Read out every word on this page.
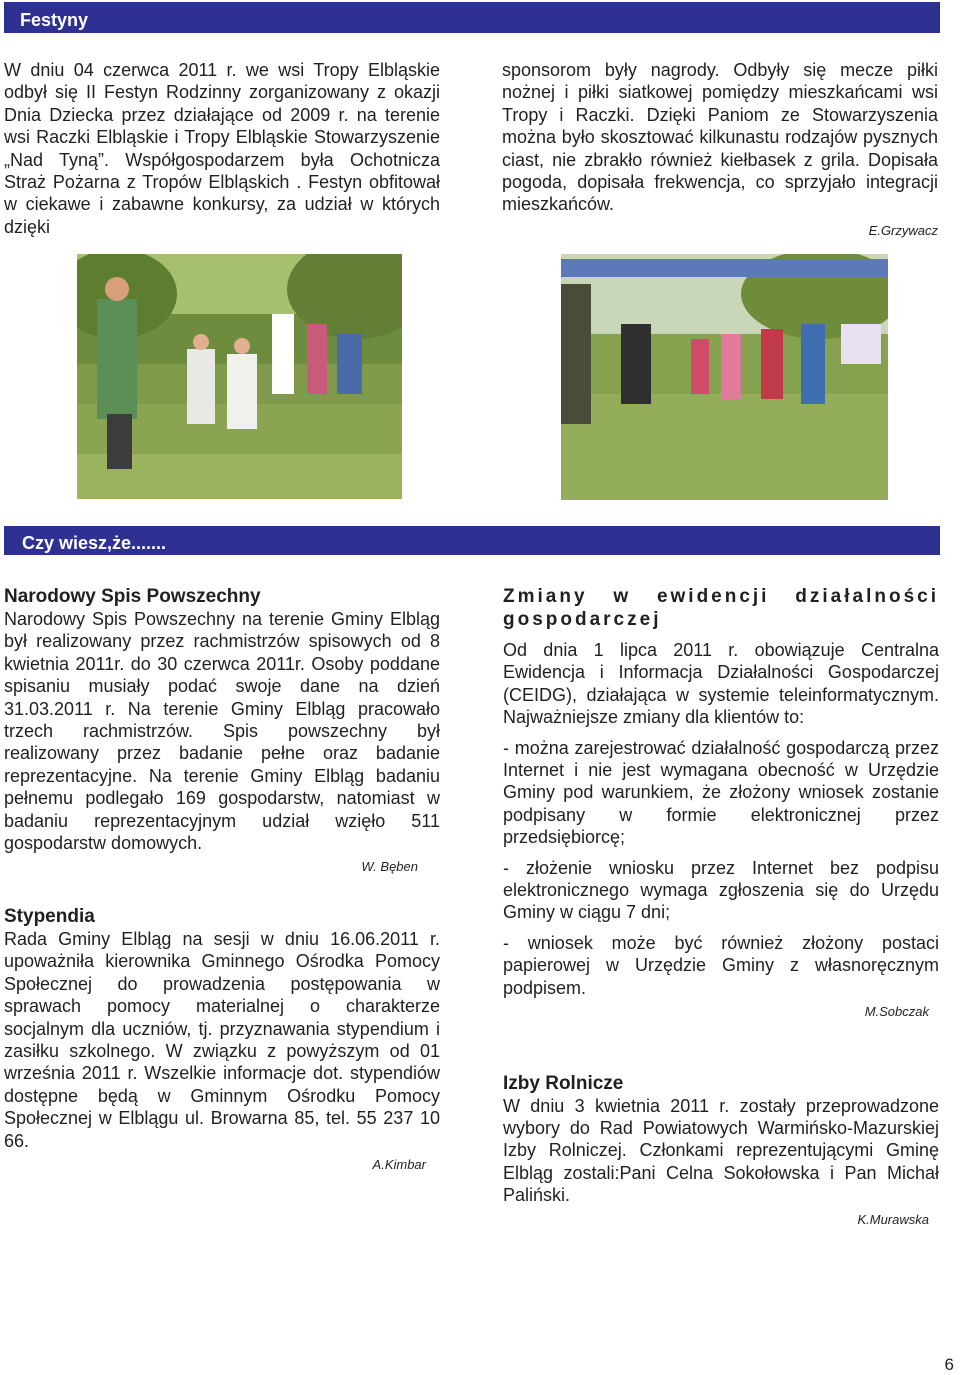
Festyny

W dniu 04 czerwca 2011 r. we wsi Tropy Elbląskie odbył się II Festyn Rodzinny zorganizowany z okazji Dnia Dziecka przez działające od 2009 r. na terenie wsi Raczki Elbląskie i Tropy Elbląskie Stowarzyszenie „Nad Tyną”. Współgospodarzem była Ochotnicza Straż Pożarna z Tropów Elbląskich . Festyn obfitował w ciekawe i zabawne konkursy, za udział w których dzięki

sponsorom były nagrody. Odbyły się mecze piłki nożnej i piłki siatkowej pomiędzy mieszkańcami wsi Tropy i Raczki. Dzięki Paniom ze Stowarzyszenia można było skosztować kilkunastu rodzajów pysznych ciast, nie zbrakło również kiełbasek z grila. Dopisała pogoda, dopisała frekwencja, co sprzyjało integracji mieszkańców.

E.Grzywacz
Czy wiesz,że.......
Narodowy Spis Powszechny

Narodowy Spis Powszechny na terenie Gminy Elbląg był realizowany przez rachmistrzów spisowych od 8 kwietnia 2011r. do 30 czerwca 2011r. Osoby poddane spisaniu musiały podać swoje dane na dzień 31.03.2011 r. Na terenie Gminy Elbląg pracowało trzech rachmistrzów. Spis powszechny był realizowany przez badanie pełne oraz badanie reprezentacyjne. Na terenie Gminy Elbląg badaniu pełnemu podlegało 169 gospodarstw, natomiast w badaniu reprezentacyjnym udział wzięło 511 gospodarstw domowych.

W. Bęben
Stypendia

Rada Gminy Elbląg na sesji w dniu 16.06.2011 r. upoważniła kierownika Gminnego Ośrodka Pomocy Społecznej do prowadzenia postępowania w sprawach pomocy materialnej o charakterze socjalnym dla uczniów, tj. przyznawania stypendium i zasiłku szkolnego. W związku z powyższym od 01 września 2011 r. Wszelkie informacje dot. stypendiów dostępne będą w Gminnym Ośrodku Pomocy Społecznej w Elblągu ul. Browarna 85, tel. 55 237 10 66.

A.Kimbar
Zmiany w ewidencji działalności gospodarczej

Od dnia 1 lipca 2011 r. obowiązuje Centralna Ewidencja i Informacja Działalności Gospodarczej (CEIDG), działająca w systemie teleinformatycznym. Najważniejsze zmiany dla klientów to:

- można zarejestrować działalność gospodarczą przez Internet i nie jest wymagana obecność w Urzędzie Gminy pod warunkiem, że złożony wniosek zostanie podpisany w formie elektronicznej przez przedsiębiorcę;

- złożenie wniosku przez Internet bez podpisu elektronicznego wymaga zgłoszenia się do Urzędu Gminy w ciągu 7 dni;

- wniosek może być również złożony postaci papierowej w Urzędzie Gminy z własnoręcznym podpisem.

M.Sobczak
Izby Rolnicze

W dniu 3 kwietnia 2011 r. zostały przeprowadzone wybory do Rad Powiatowych Warmińsko-Mazurskiej Izby Rolniczej. Członkami reprezentującymi Gminę Elbląg zostali:Pani Celna Sokołowska i Pan Michał Paliński.

K.Murawska
6
